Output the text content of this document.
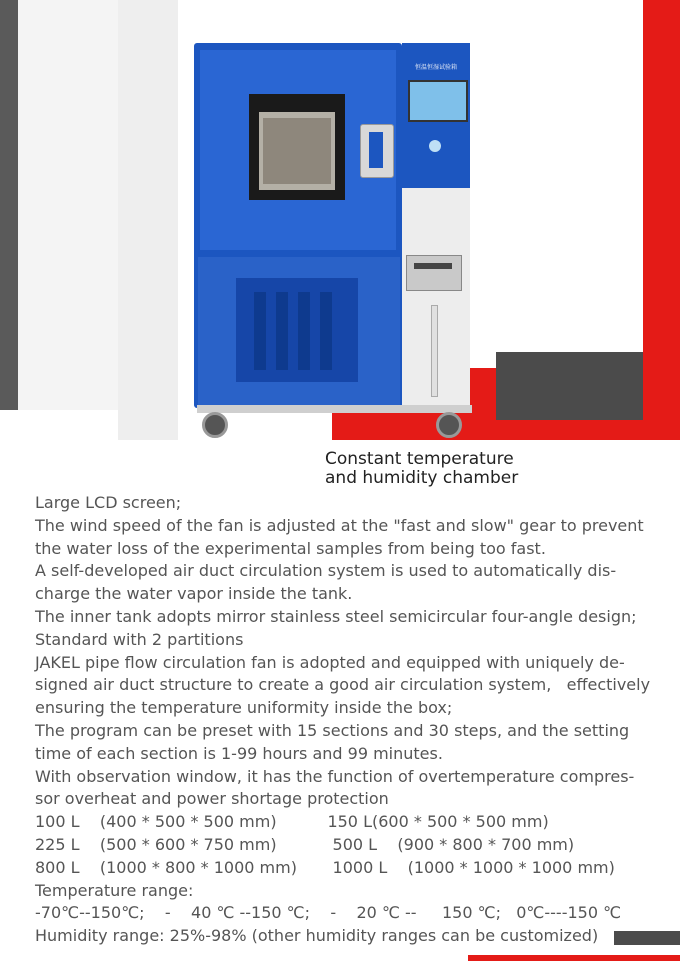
恒温恒湿试验箱
Constant temperature
and humidity chamber
Large LCD screen;
The wind speed of the fan is adjusted at the "fast and slow" gear to prevent
the water loss of the experimental samples from being too fast.
A self-developed air duct circulation system is used to automatically dis-
charge the water vapor inside the tank.
The inner tank adopts mirror stainless steel semicircular four-angle design;
Standard with 2 partitions
JAKEL pipe flow circulation fan is adopted and equipped with uniquely de-
signed air duct structure to create a good air circulation system,   effectively
ensuring the temperature uniformity inside the box;
The program can be preset with 15 sections and 30 steps, and the setting
time of each section is 1-99 hours and 99 minutes.
With observation window, it has the function of overtemperature compres-
sor overheat and power shortage protection
100 L    (400 * 500 * 500 mm)          150 L(600 * 500 * 500 mm)
225 L    (500 * 600 * 750 mm)           500 L    (900 * 800 * 700 mm)
800 L    (1000 * 800 * 1000 mm)       1000 L    (1000 * 1000 * 1000 mm)
Temperature range:
-70℃--150℃;    -    40 ℃ --150 ℃;    -    20 ℃ --     150 ℃;   0℃----150 ℃
Humidity range: 25%-98% (other humidity ranges can be customized)
